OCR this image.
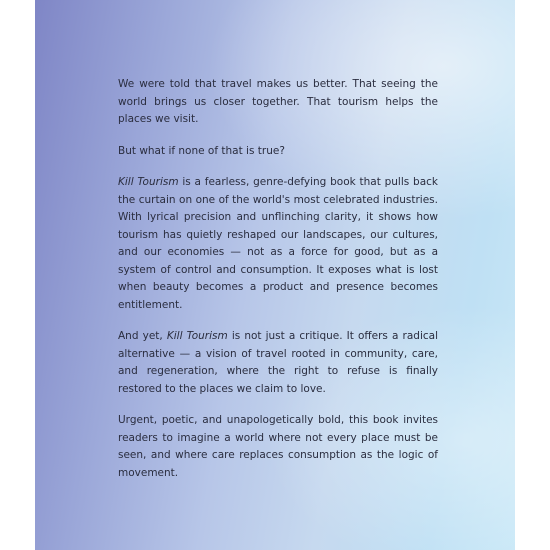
We were told that travel makes us better. That seeing the world brings us closer together. That tourism helps the places we visit.

But what if none of that is true?

Kill Tourism is a fearless, genre-defying book that pulls back the curtain on one of the world's most celebrated industries. With lyrical precision and unflinching clarity, it shows how tourism has quietly reshaped our landscapes, our cultures, and our economies — not as a force for good, but as a system of control and consumption. It exposes what is lost when beauty becomes a product and presence becomes entitlement.

And yet, Kill Tourism is not just a critique. It offers a radical alternative — a vision of travel rooted in community, care, and regeneration, where the right to refuse is finally restored to the places we claim to love.

Urgent, poetic, and unapologetically bold, this book invites readers to imagine a world where not every place must be seen, and where care replaces consumption as the logic of movement.
